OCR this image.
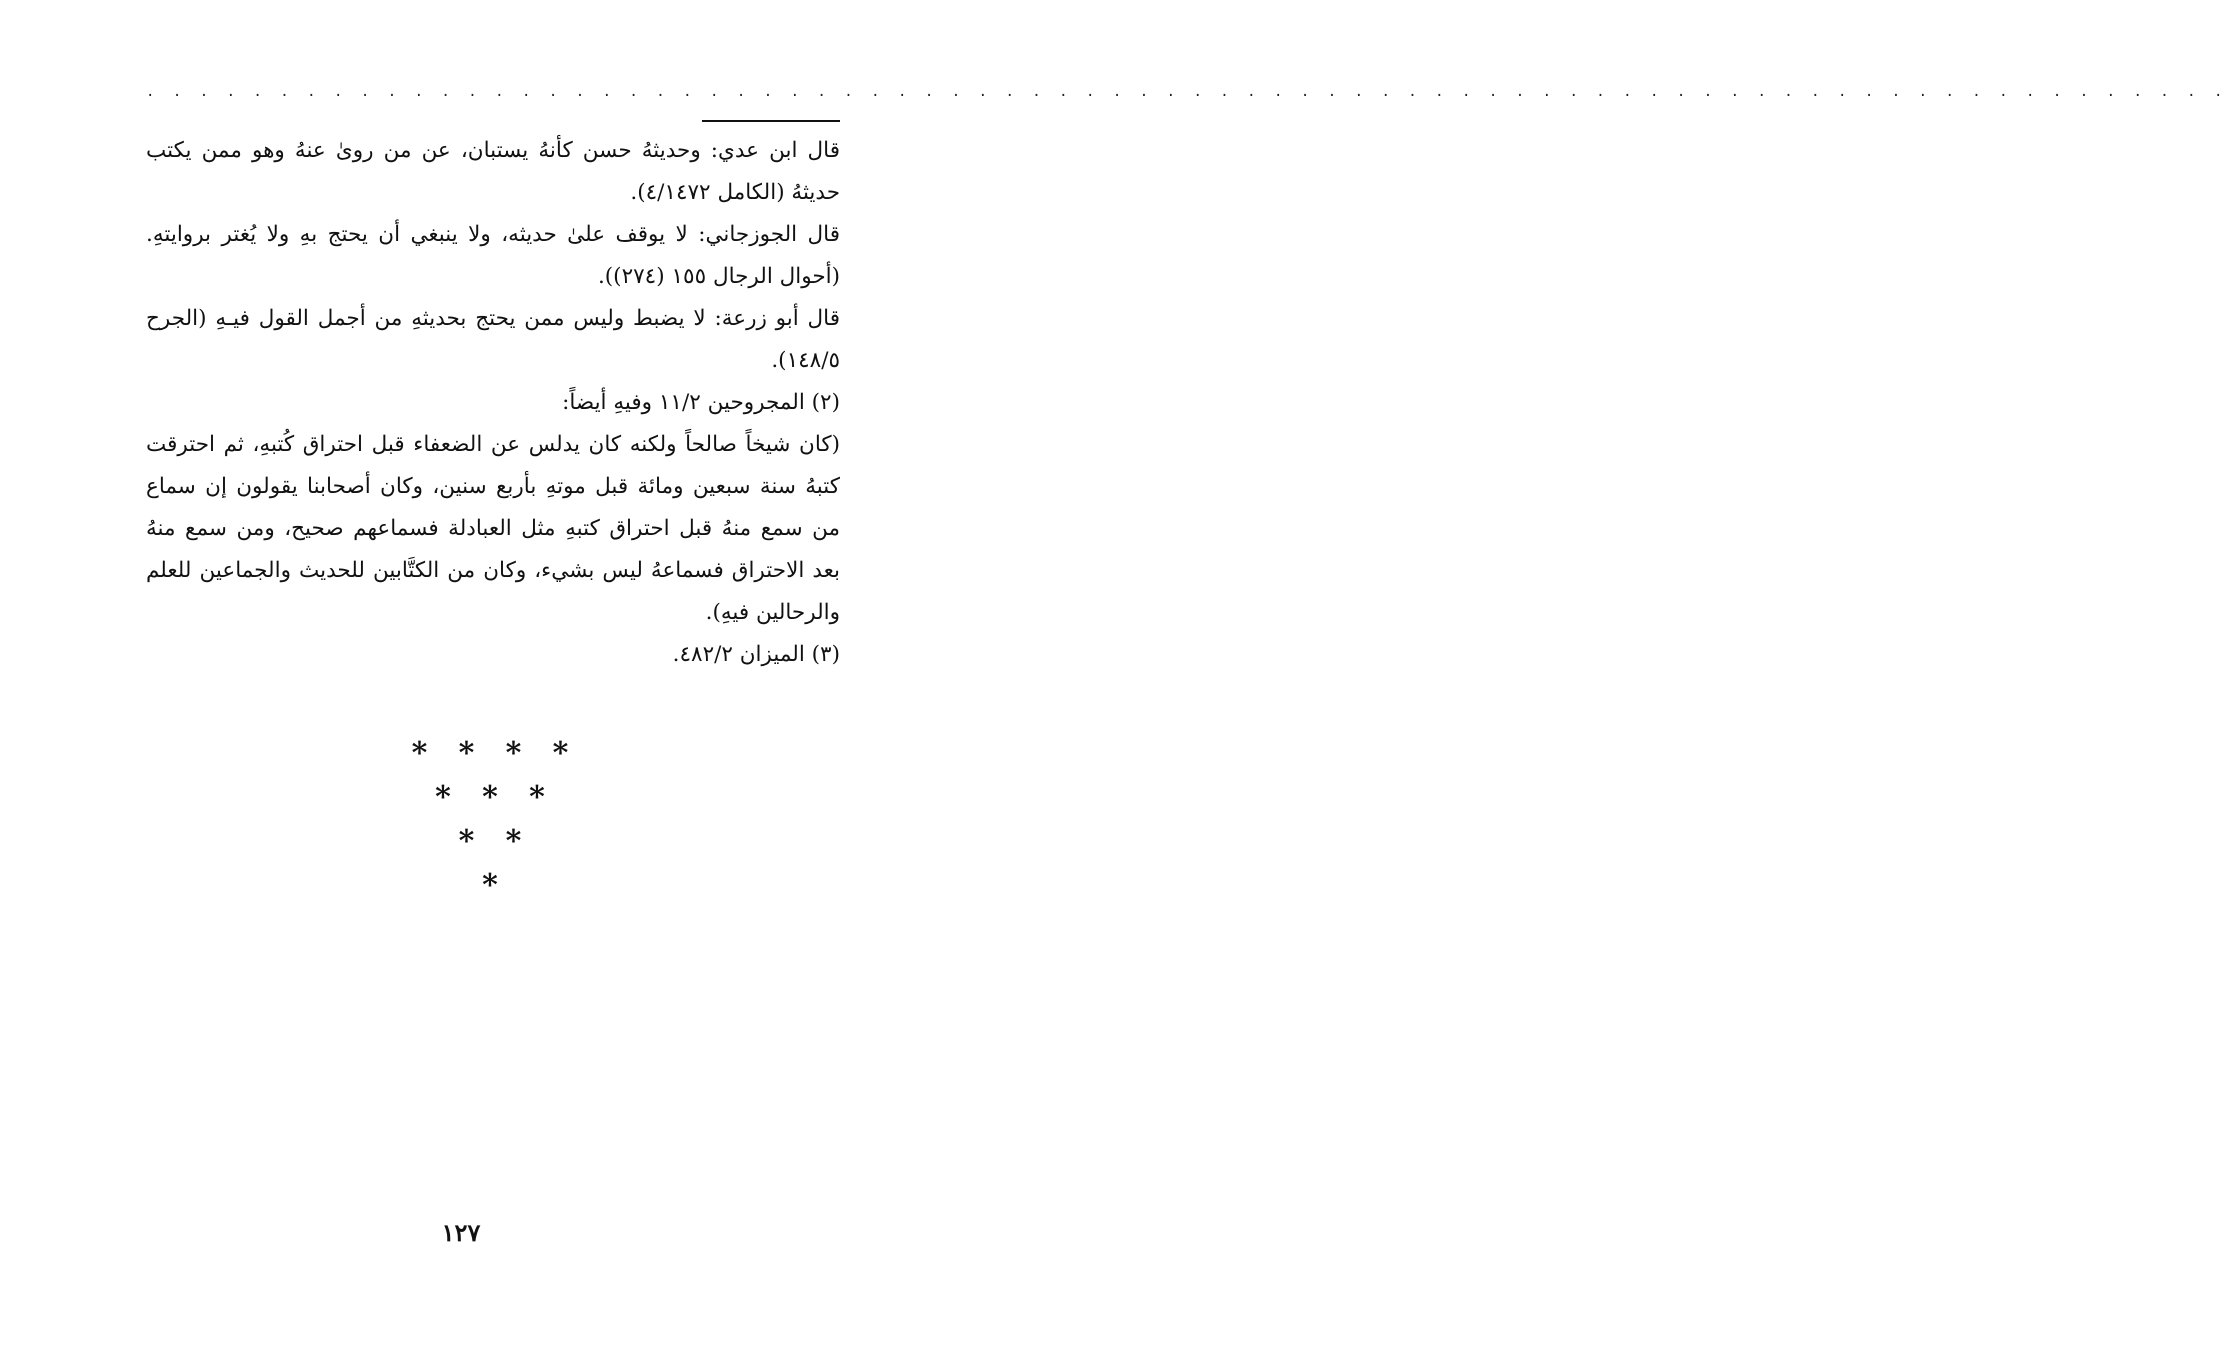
. . . . . . . . . . . . . . . . . . . . . . . . . . . . . . . . . . . . . . . . . . . . . . . . . . . . . . . . . . . . . . . . . . . . . . . . . . . . . .

قال ابن عدي: وحديثهُ حسن كأنهُ يستبان، عن من روىٰ عنهُ وهو ممن يكتب حديثهُ (الكامل ٤/١٤٧٢).

قال الجوزجاني: لا يوقف علىٰ حديثه، ولا ينبغي أن يحتج بهِ ولا يُغتر بروايتهِ. (أحوال الرجال ١٥٥ (٢٧٤)).

قال أبو زرعة: لا يضبط وليس ممن يحتج بحديثهِ من أجمل القول فيـهِ (الجرح ١٤٨/٥).

(٢) المجروحين ١١/٢ وفيهِ أيضاً:

(كان شيخاً صالحاً ولكنه كان يدلس عن الضعفاء قبل احتراق كُتبهِ، ثم احترقت كتبهُ سنة سبعين ومائة قبل موتهِ بأربع سنين، وكان أصحابنا يقولون إن سماع من سمع منهُ قبل احتراق كتبهِ مثل العبادلة فسماعهم صحيح، ومن سمع منهُ بعد الاحتراق فسماعهُ ليس بشيء، وكان من الكتَّابين للحديث والجماعين للعلم والرحالين فيهِ).

(٣) الميزان ٤٨٢/٢.

*   *   *   *
*   *   *
*   *
*
١٢٧
